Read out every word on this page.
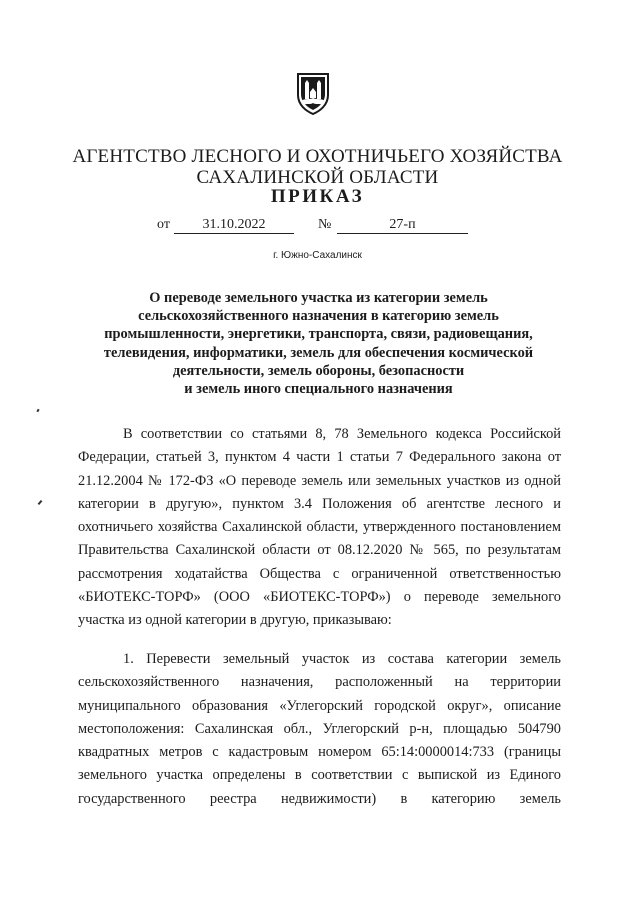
АГЕНТСТВО ЛЕСНОГО И ОХОТНИЧЬЕГО ХОЗЯЙСТВА
САХАЛИНСКОЙ ОБЛАСТИ
ПРИКАЗ
от	31.10.2022	№	27-п
г. Южно-Сахалинск
О переводе земельного участка из категории земель
сельскохозяйственного назначения в категорию земель
промышленности, энергетики, транспорта, связи, радиовещания,
телевидения, информатики, земель для обеспечения космической
деятельности, земель обороны, безопасности
и земель иного специального назначения
В соответствии со статьями 8, 78 Земельного кодекса Российской
Федерации, статьей 3, пунктом 4 части 1 статьи 7 Федерального закона от
21.12.2004 № 172-ФЗ «О переводе земель или земельных участков из одной
категории в другую», пунктом 3.4 Положения об агентстве лесного и
охотничьего хозяйства Сахалинской области, утвержденного постановлением
Правительства Сахалинской области от 08.12.2020 № 565, по результатам
рассмотрения ходатайства Общества с ограниченной ответственностью
«БИОТЕКС-ТОРФ» (ООО «БИОТЕКС-ТОРФ») о переводе земельного
участка из одной категории в другую, приказываю:
1. Перевести земельный участок из состава категории земель
сельскохозяйственного назначения, расположенный на территории
муниципального образования «Углегорский городской округ», описание
местоположения: Сахалинская обл., Углегорский р-н, площадью 504790
квадратных метров с кадастровым номером 65:14:0000014:733 (границы
земельного участка определены в соответствии с выпиской из Единого
государственного реестра недвижимости) в категорию земель
